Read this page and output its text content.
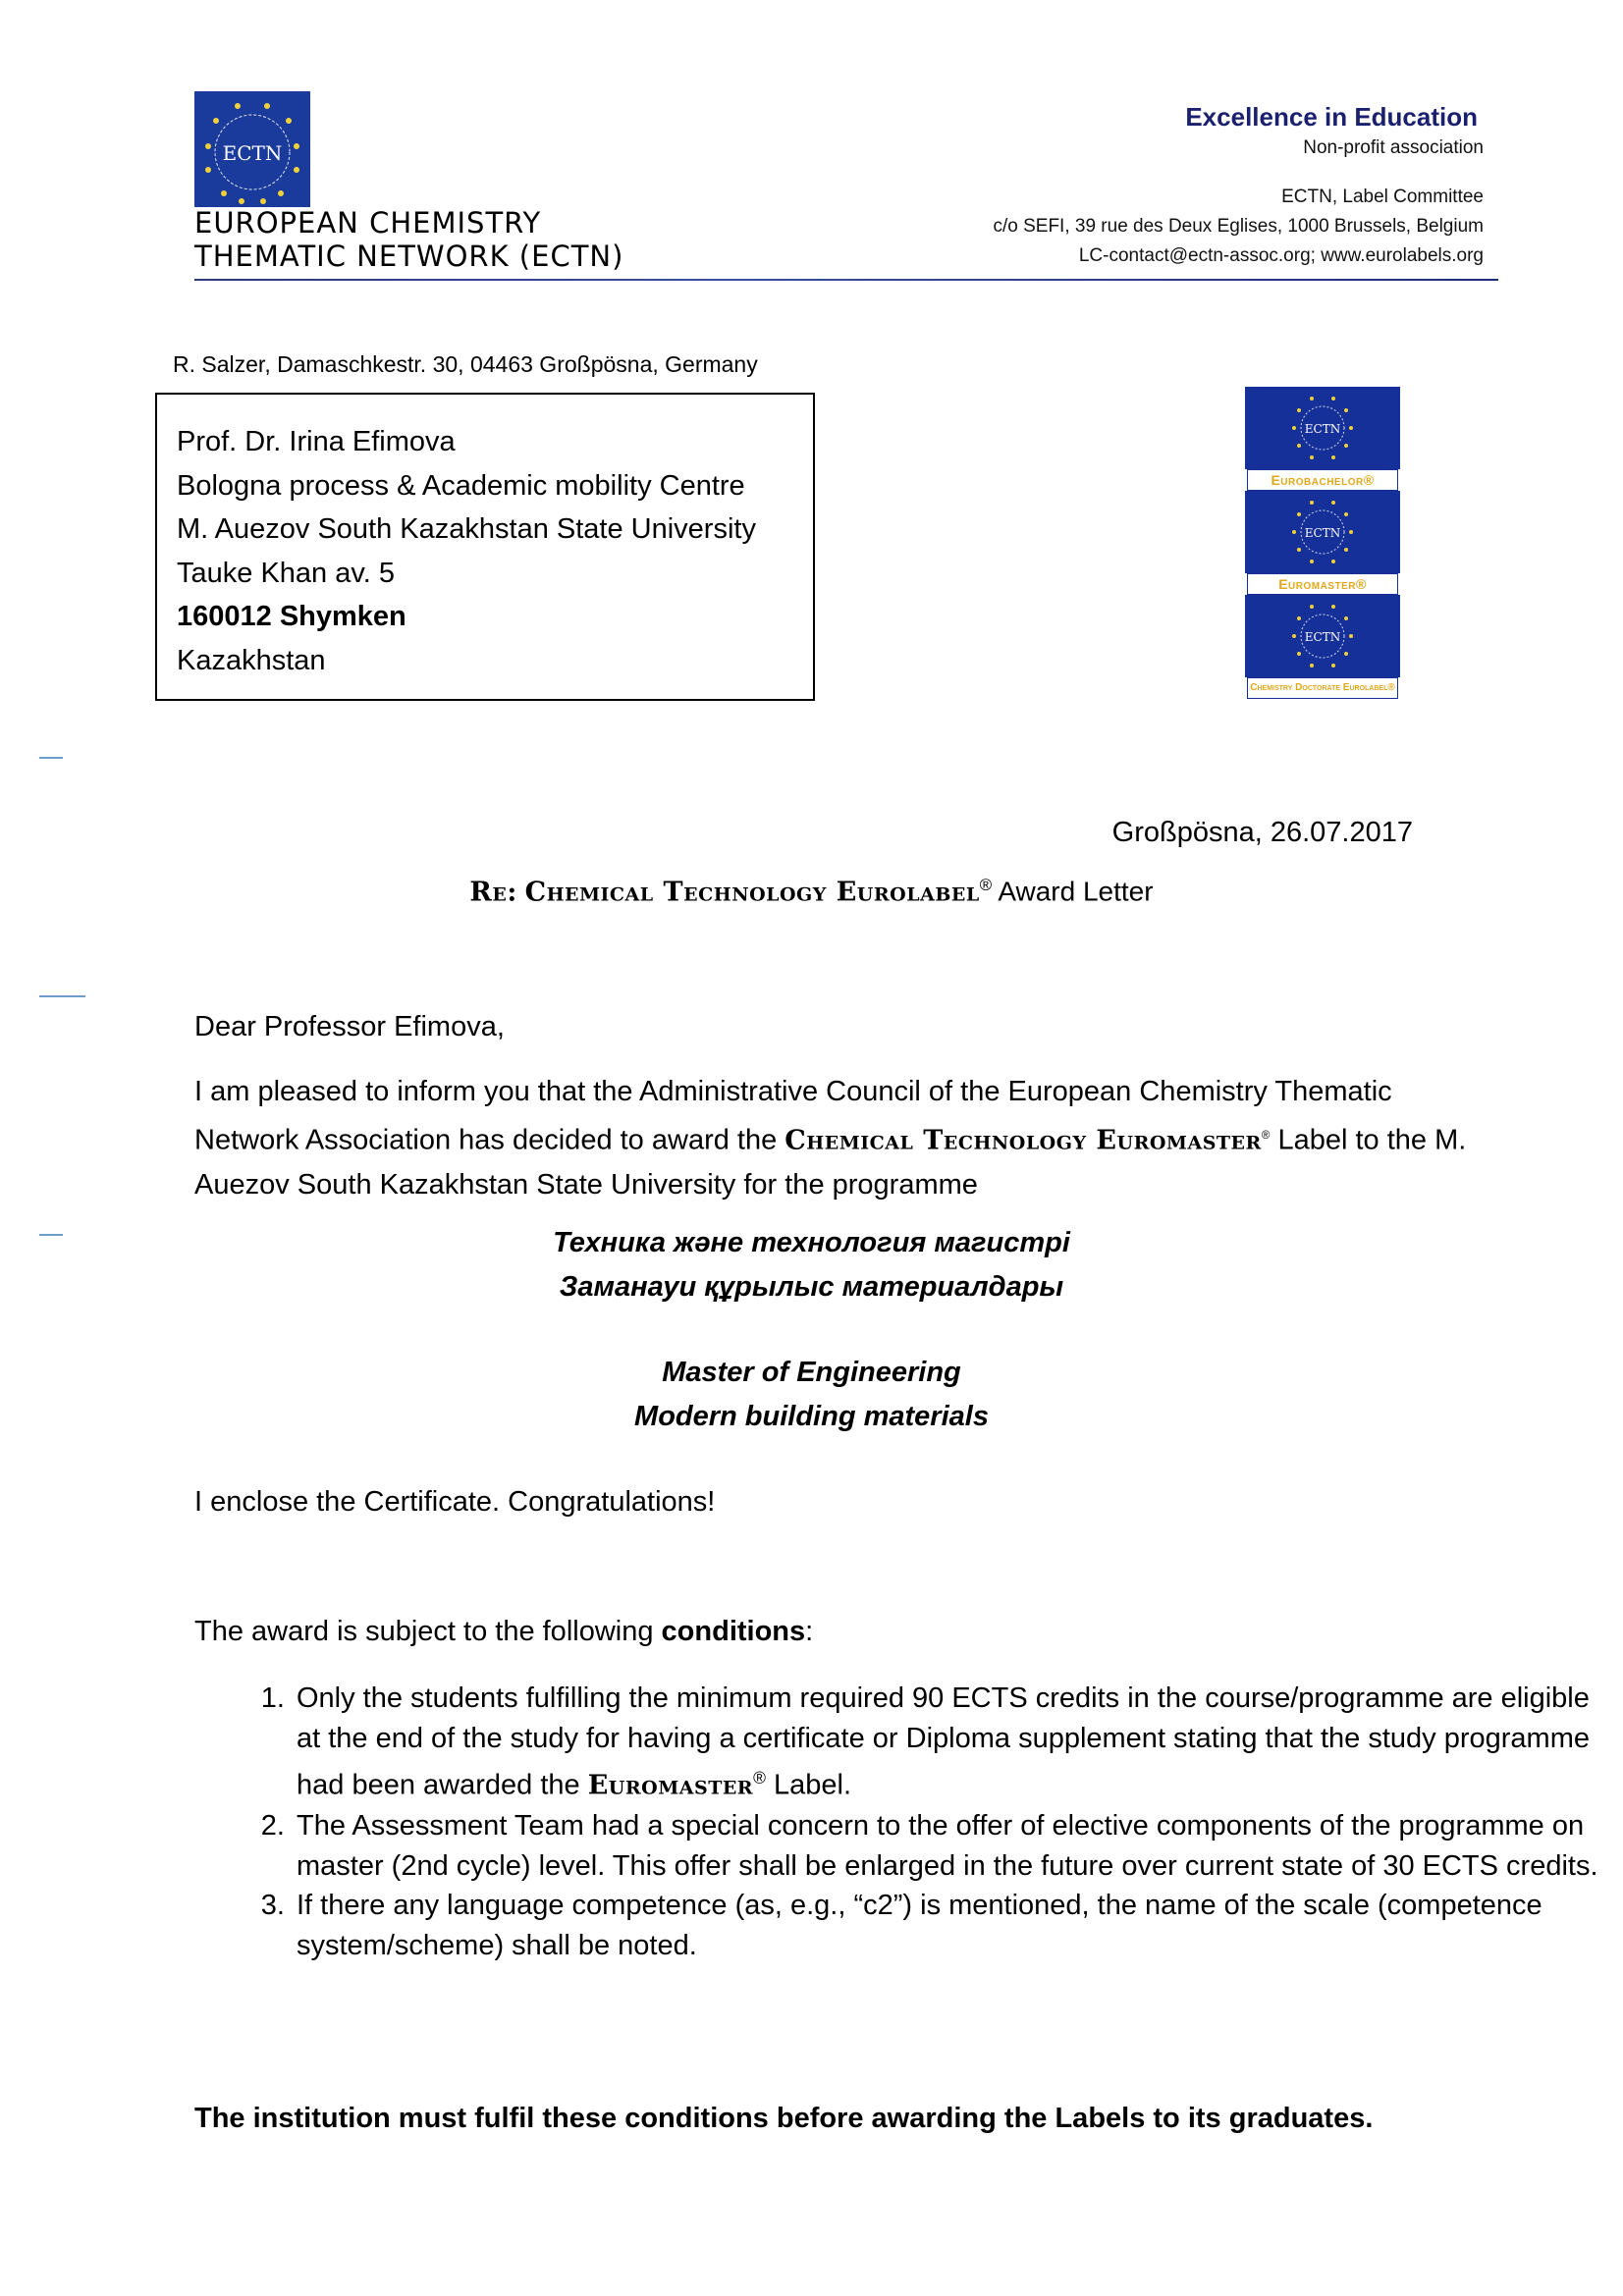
ECTN
EUROPEAN CHEMISTRY
THEMATIC NETWORK (ECTN)
Excellence in Education
Non-profit association
ECTN, Label Committee
c/o SEFI, 39 rue des Deux Eglises, 1000 Brussels, Belgium
LC-contact@ectn-assoc.org; www.eurolabels.org
R. Salzer, Damaschkestr. 30, 04463 Großpösna, Germany
Prof. Dr. Irina Efimova
Bologna process & Academic mobility Centre
M. Auezov South Kazakhstan State University
Tauke Khan av. 5
160012 Shymken
Kazakhstan
ECTN
Eurobachelor®
ECTN
Euromaster®
ECTN
Chemistry Doctorate Eurolabel®
Großpösna, 26.07.2017
Re: Chemical Technology Eurolabel® Award Letter
Dear Professor Efimova,
I am pleased to inform you that the Administrative Council of the European Chemistry Thematic Network Association has decided to award the Chemical Technology Euromaster® Label to the M. Auezov South Kazakhstan State University for the programme
Техника және технология магистрі
Заманауи құрылыс материалдары
Master of Engineering
Modern building materials
I enclose the Certificate. Congratulations!
The award is subject to the following conditions:
1. Only the students fulfilling the minimum required 90 ECTS credits in the course/programme are eligible at the end of the study for having a certificate or Diploma supplement stating that the study programme had been awarded the Euromaster® Label.
2. The Assessment Team had a special concern to the offer of elective components of the programme on master (2nd cycle) level. This offer shall be enlarged in the future over current state of 30 ECTS credits.
3. If there any language competence (as, e.g., “c2”) is mentioned, the name of the scale (competence system/scheme) shall be noted.
The institution must fulfil these conditions before awarding the Labels to its graduates.
